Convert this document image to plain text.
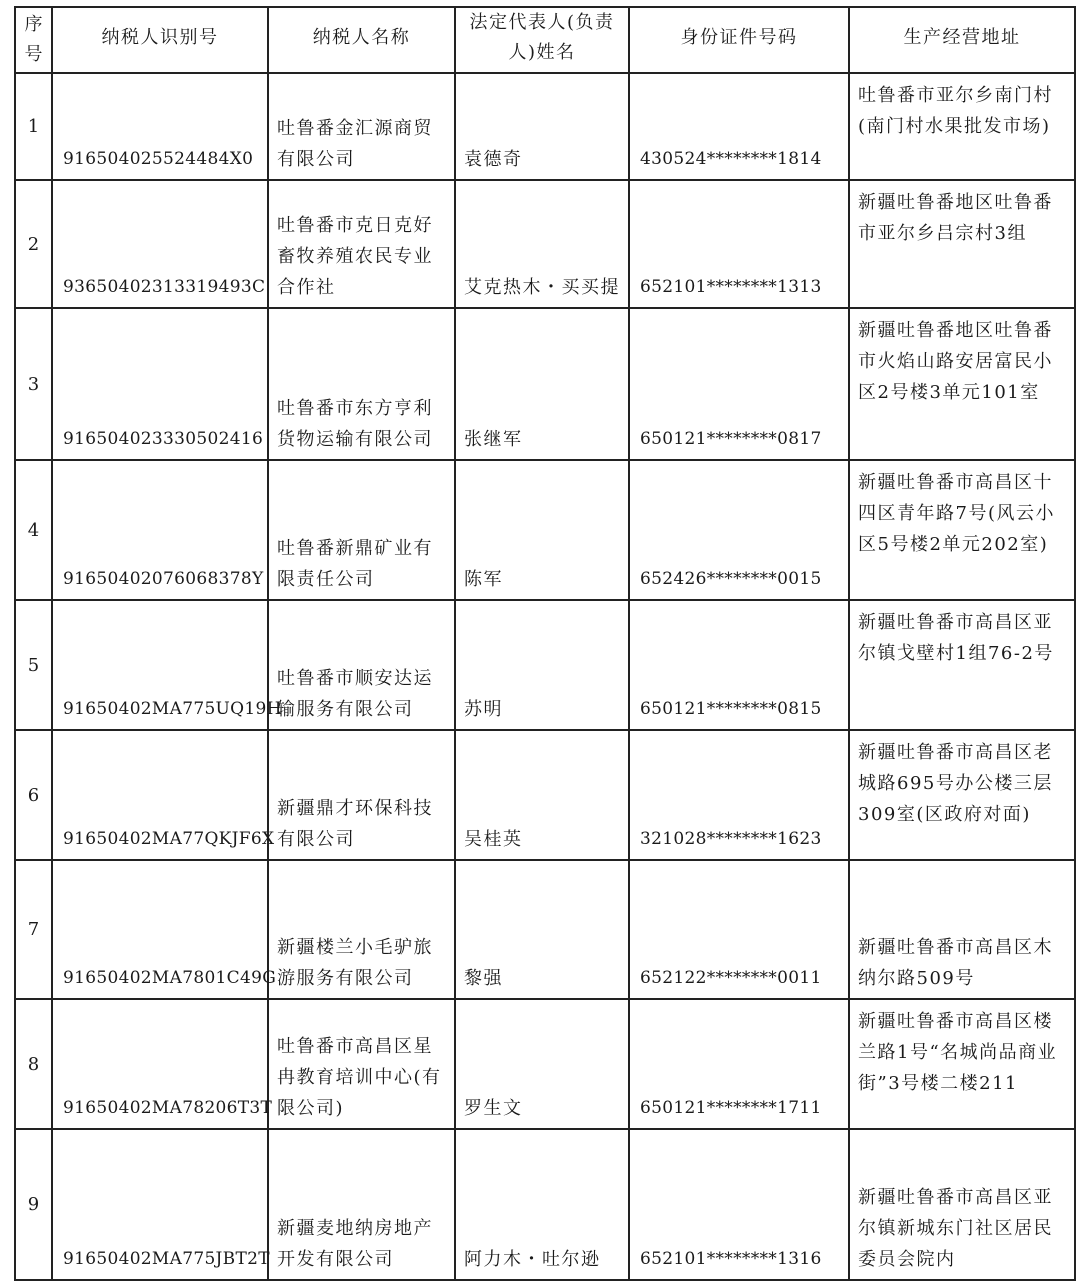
序号	纳税人识别号	纳税人名称	法定代表人(负责人)姓名	身份证件号码	生产经营地址
1	916504025524484X0	吐鲁番金汇源商贸有限公司	袁德奇	430524********1814	吐鲁番市亚尔乡南门村(南门村水果批发市场)
2	93650402313319493C	吐鲁番市克日克好畜牧养殖农民专业合作社	艾克热木・买买提	652101********1313	新疆吐鲁番地区吐鲁番市亚尔乡吕宗村3组
3	916504023330502416	吐鲁番市东方亨利货物运输有限公司	张继军	650121********0817	新疆吐鲁番地区吐鲁番市火焰山路安居富民小区2号楼3单元101室
4	91650402076068378Y	吐鲁番新鼎矿业有限责任公司	陈军	652426********0015	新疆吐鲁番市高昌区十四区青年路7号(风云小区5号楼2单元202室)
5	91650402MA775UQ19H	吐鲁番市顺安达运输服务有限公司	苏明	650121********0815	新疆吐鲁番市高昌区亚尔镇戈壁村1组76-2号
6	91650402MA77QKJF6X	新疆鼎才环保科技有限公司	吴桂英	321028********1623	新疆吐鲁番市高昌区老城路695号办公楼三层309室(区政府对面)
7	91650402MA7801C49G	新疆楼兰小毛驴旅游服务有限公司	黎强	652122********0011	新疆吐鲁番市高昌区木纳尔路509号
8	91650402MA78206T3T	吐鲁番市高昌区星冉教育培训中心(有限公司)	罗生文	650121********1711	新疆吐鲁番市高昌区楼兰路1号“名城尚品商业街”3号楼二楼211
9	91650402MA775JBT2T	新疆麦地纳房地产开发有限公司	阿力木・吐尔逊	652101********1316	新疆吐鲁番市高昌区亚尔镇新城东门社区居民委员会院内
